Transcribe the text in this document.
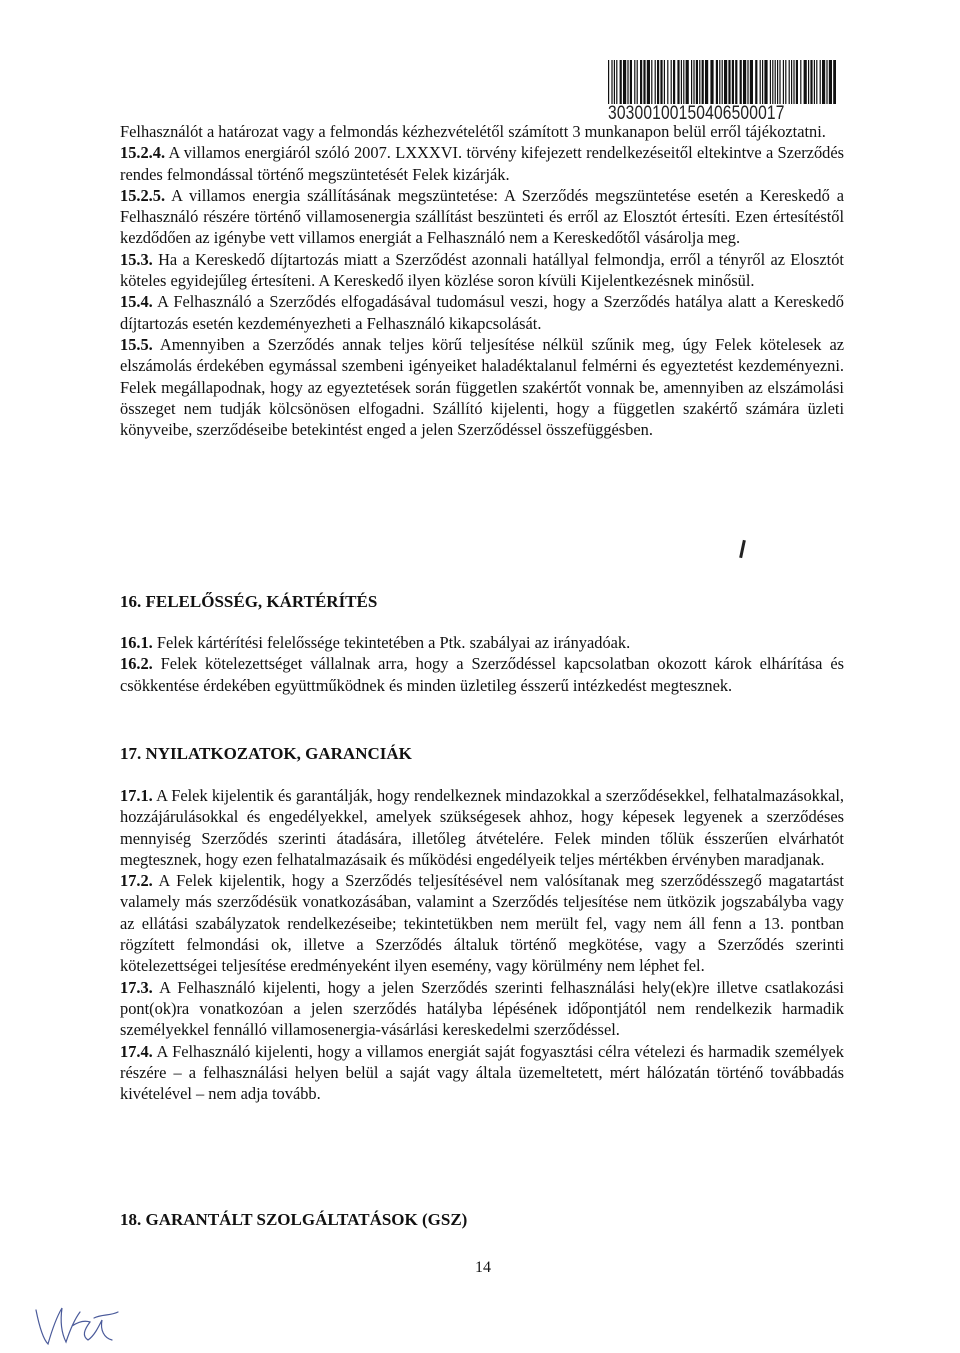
30300100150406500017

Felhasználót a határozat vagy a felmondás kézhezvételétől számított 3 munkanapon belül erről tájékoztatni.

15.2.4. A villamos energiáról szóló 2007. LXXXVI. törvény kifejezett rendelkezéseitől eltekintve a Szerződés rendes felmondással történő megszüntetését Felek kizárják.

15.2.5. A villamos energia szállításának megszüntetése: A Szerződés megszüntetése esetén a Kereskedő a Felhasználó részére történő villamosenergia szállítást beszünteti és erről az Elosztót értesíti. Ezen értesítéstől kezdődően az igénybe vett villamos energiát a Felhasználó nem a Kereskedőtől vásárolja meg.

15.3. Ha a Kereskedő díjtartozás miatt a Szerződést azonnali hatállyal felmondja, erről a tényről az Elosztót köteles egyidejűleg értesíteni. A Kereskedő ilyen közlése soron kívüli Kijelentkezésnek minősül.

15.4. A Felhasználó a Szerződés elfogadásával tudomásul veszi, hogy a Szerződés hatálya alatt a Kereskedő díjtartozás esetén kezdeményezheti a Felhasználó kikapcsolását.

15.5. Amennyiben a Szerződés annak teljes körű teljesítése nélkül szűnik meg, úgy Felek kötelesek az elszámolás érdekében egymással szembeni igényeiket haladéktalanul felmérni és egyeztetést kezdeményezni. Felek megállapodnak, hogy az egyeztetések során független szakértőt vonnak be, amennyiben az elszámolási összeget nem tudják kölcsönösen elfogadni. Szállító kijelenti, hogy a független szakértő számára üzleti könyveibe, szerződéseibe betekintést enged a jelen Szerződéssel összefüggésben.

16. FELELŐSSÉG, KÁRTÉRÍTÉS

16.1. Felek kártérítési felelőssége tekintetében a Ptk. szabályai az irányadóak.

16.2. Felek kötelezettséget vállalnak arra, hogy a Szerződéssel kapcsolatban okozott károk elhárítása és csökkentése érdekében együttműködnek és minden üzletileg ésszerű intézkedést megtesznek.

17. NYILATKOZATOK, GARANCIÁK

17.1. A Felek kijelentik és garantálják, hogy rendelkeznek mindazokkal a szerződésekkel, felhatalmazásokkal, hozzájárulásokkal és engedélyekkel, amelyek szükségesek ahhoz, hogy képesek legyenek a szerződéses mennyiség Szerződés szerinti átadására, illetőleg átvételére. Felek minden tőlük ésszerűen elvárhatót megtesznek, hogy ezen felhatalmazásaik és működési engedélyeik teljes mértékben érvényben maradjanak.

17.2. A Felek kijelentik, hogy a Szerződés teljesítésével nem valósítanak meg szerződésszegő magatartást valamely más szerződésük vonatkozásában, valamint a Szerződés teljesítése nem ütközik jogszabályba vagy az ellátási szabályzatok rendelkezéseibe; tekintetükben nem merült fel, vagy nem áll fenn a 13. pontban rögzített felmondási ok, illetve a Szerződés általuk történő megkötése, vagy a Szerződés szerinti kötelezettségei teljesítése eredményeként ilyen esemény, vagy körülmény nem léphet fel.

17.3. A Felhasználó kijelenti, hogy a jelen Szerződés szerinti felhasználási hely(ek)re illetve csatlakozási pont(ok)ra vonatkozóan a jelen szerződés hatályba lépésének időpontjától nem rendelkezik harmadik személyekkel fennálló villamosenergia-vásárlási kereskedelmi szerződéssel.

17.4. A Felhasználó kijelenti, hogy a villamos energiát saját fogyasztási célra vételezi és harmadik személyek részére – a felhasználási helyen belül a saját vagy általa üzemeltetett, mért hálózatán történő továbbadás kivételével – nem adja tovább.

18. GARANTÁLT SZOLGÁLTATÁSOK (GSZ)
14
